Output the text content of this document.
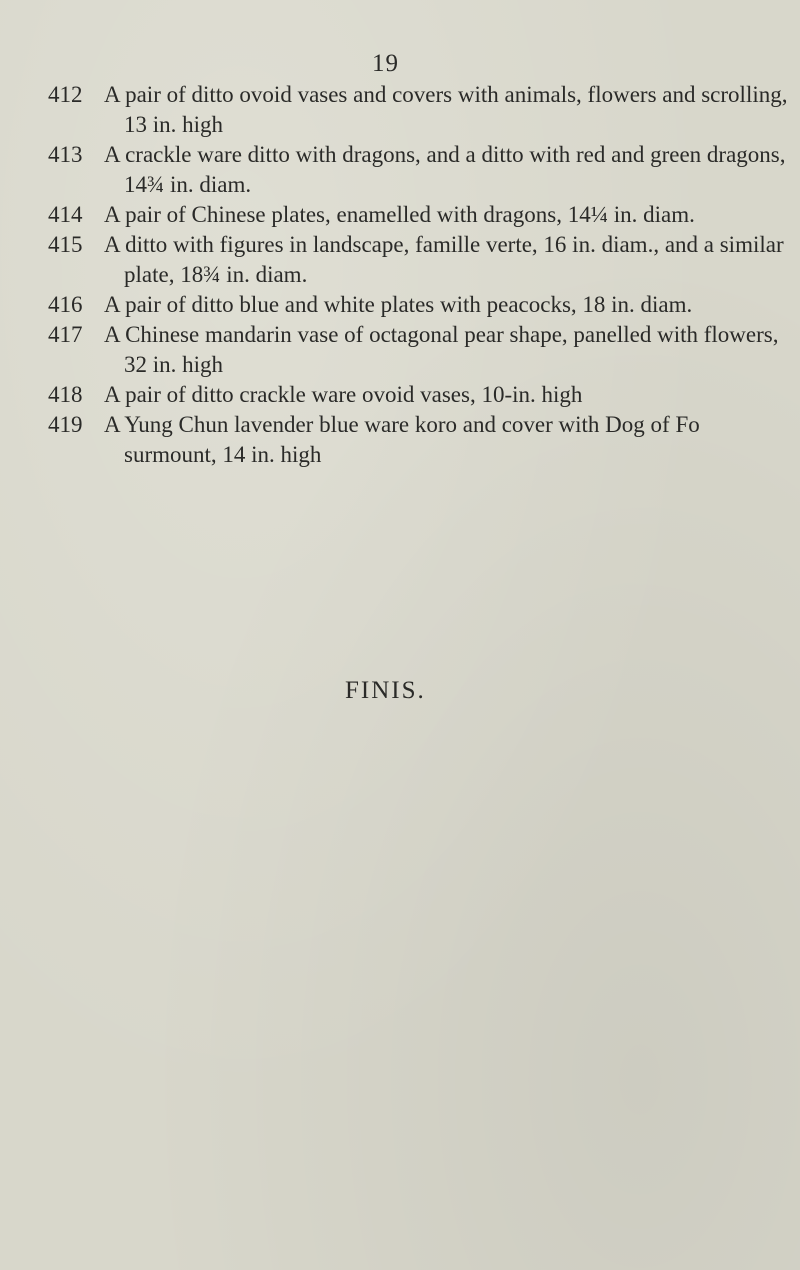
19
412 A pair of ditto ovoid vases and covers with animals, flowers and scrolling, 13 in. high
413 A crackle ware ditto with dragons, and a ditto with red and green dragons, 14¾ in. diam.
414 A pair of Chinese plates, enamelled with dragons, 14¼ in. diam.
415 A ditto with figures in landscape, famille verte, 16 in. diam., and a similar plate, 18¾ in. diam.
416 A pair of ditto blue and white plates with peacocks, 18 in. diam.
417 A Chinese mandarin vase of octagonal pear shape, panelled with flowers, 32 in. high
418 A pair of ditto crackle ware ovoid vases, 10-in. high
419 A Yung Chun lavender blue ware koro and cover with Dog of Fo surmount, 14 in. high
FINIS.
